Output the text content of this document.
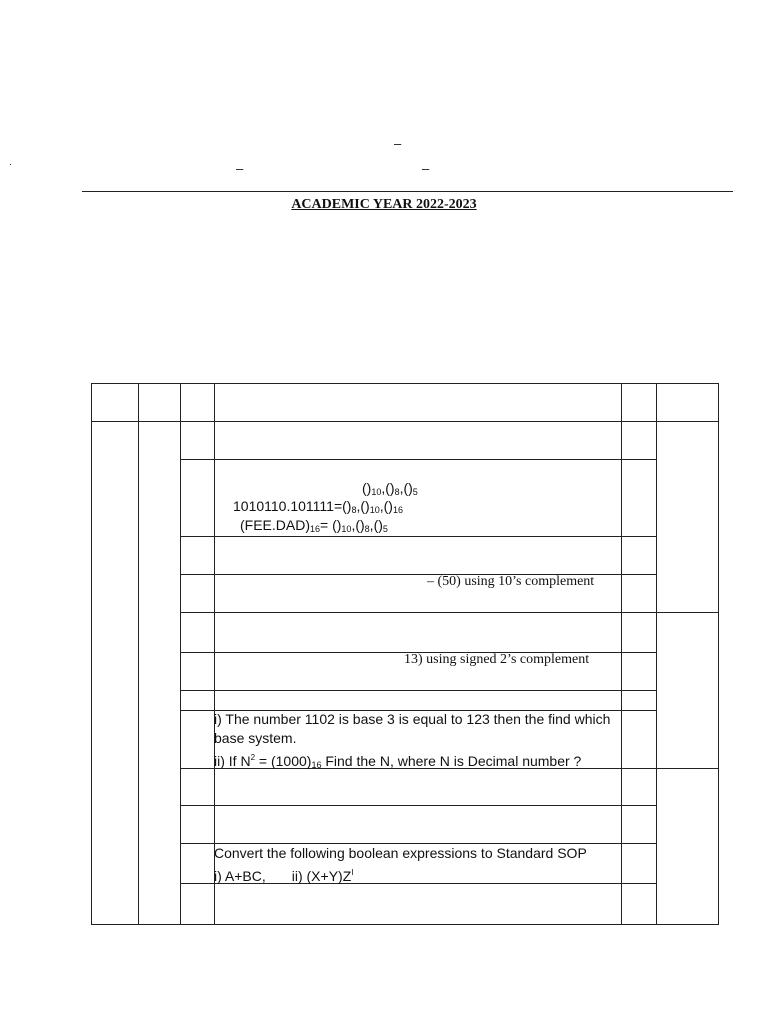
–
·	–	–
ACADEMIC YEAR 2022-2023
$()_{10},()_8,()_5$
$1010110.101111=()_8,()_{10},()_{16}$
$(FEE.DAD)_{16}= ()_{10},()_8,()_5$
– (50) using 10’s complement
13) using signed 2’s complement
i) The number 1102 is base 3 is equal to 123 then the find which
base system.
ii) If $N^2 = (1000)_{16}$ Find the N, where N is Decimal number ?
Convert the following boolean expressions to Standard SOP
i) A+BC, ii) $(X+Y)Z^I$
